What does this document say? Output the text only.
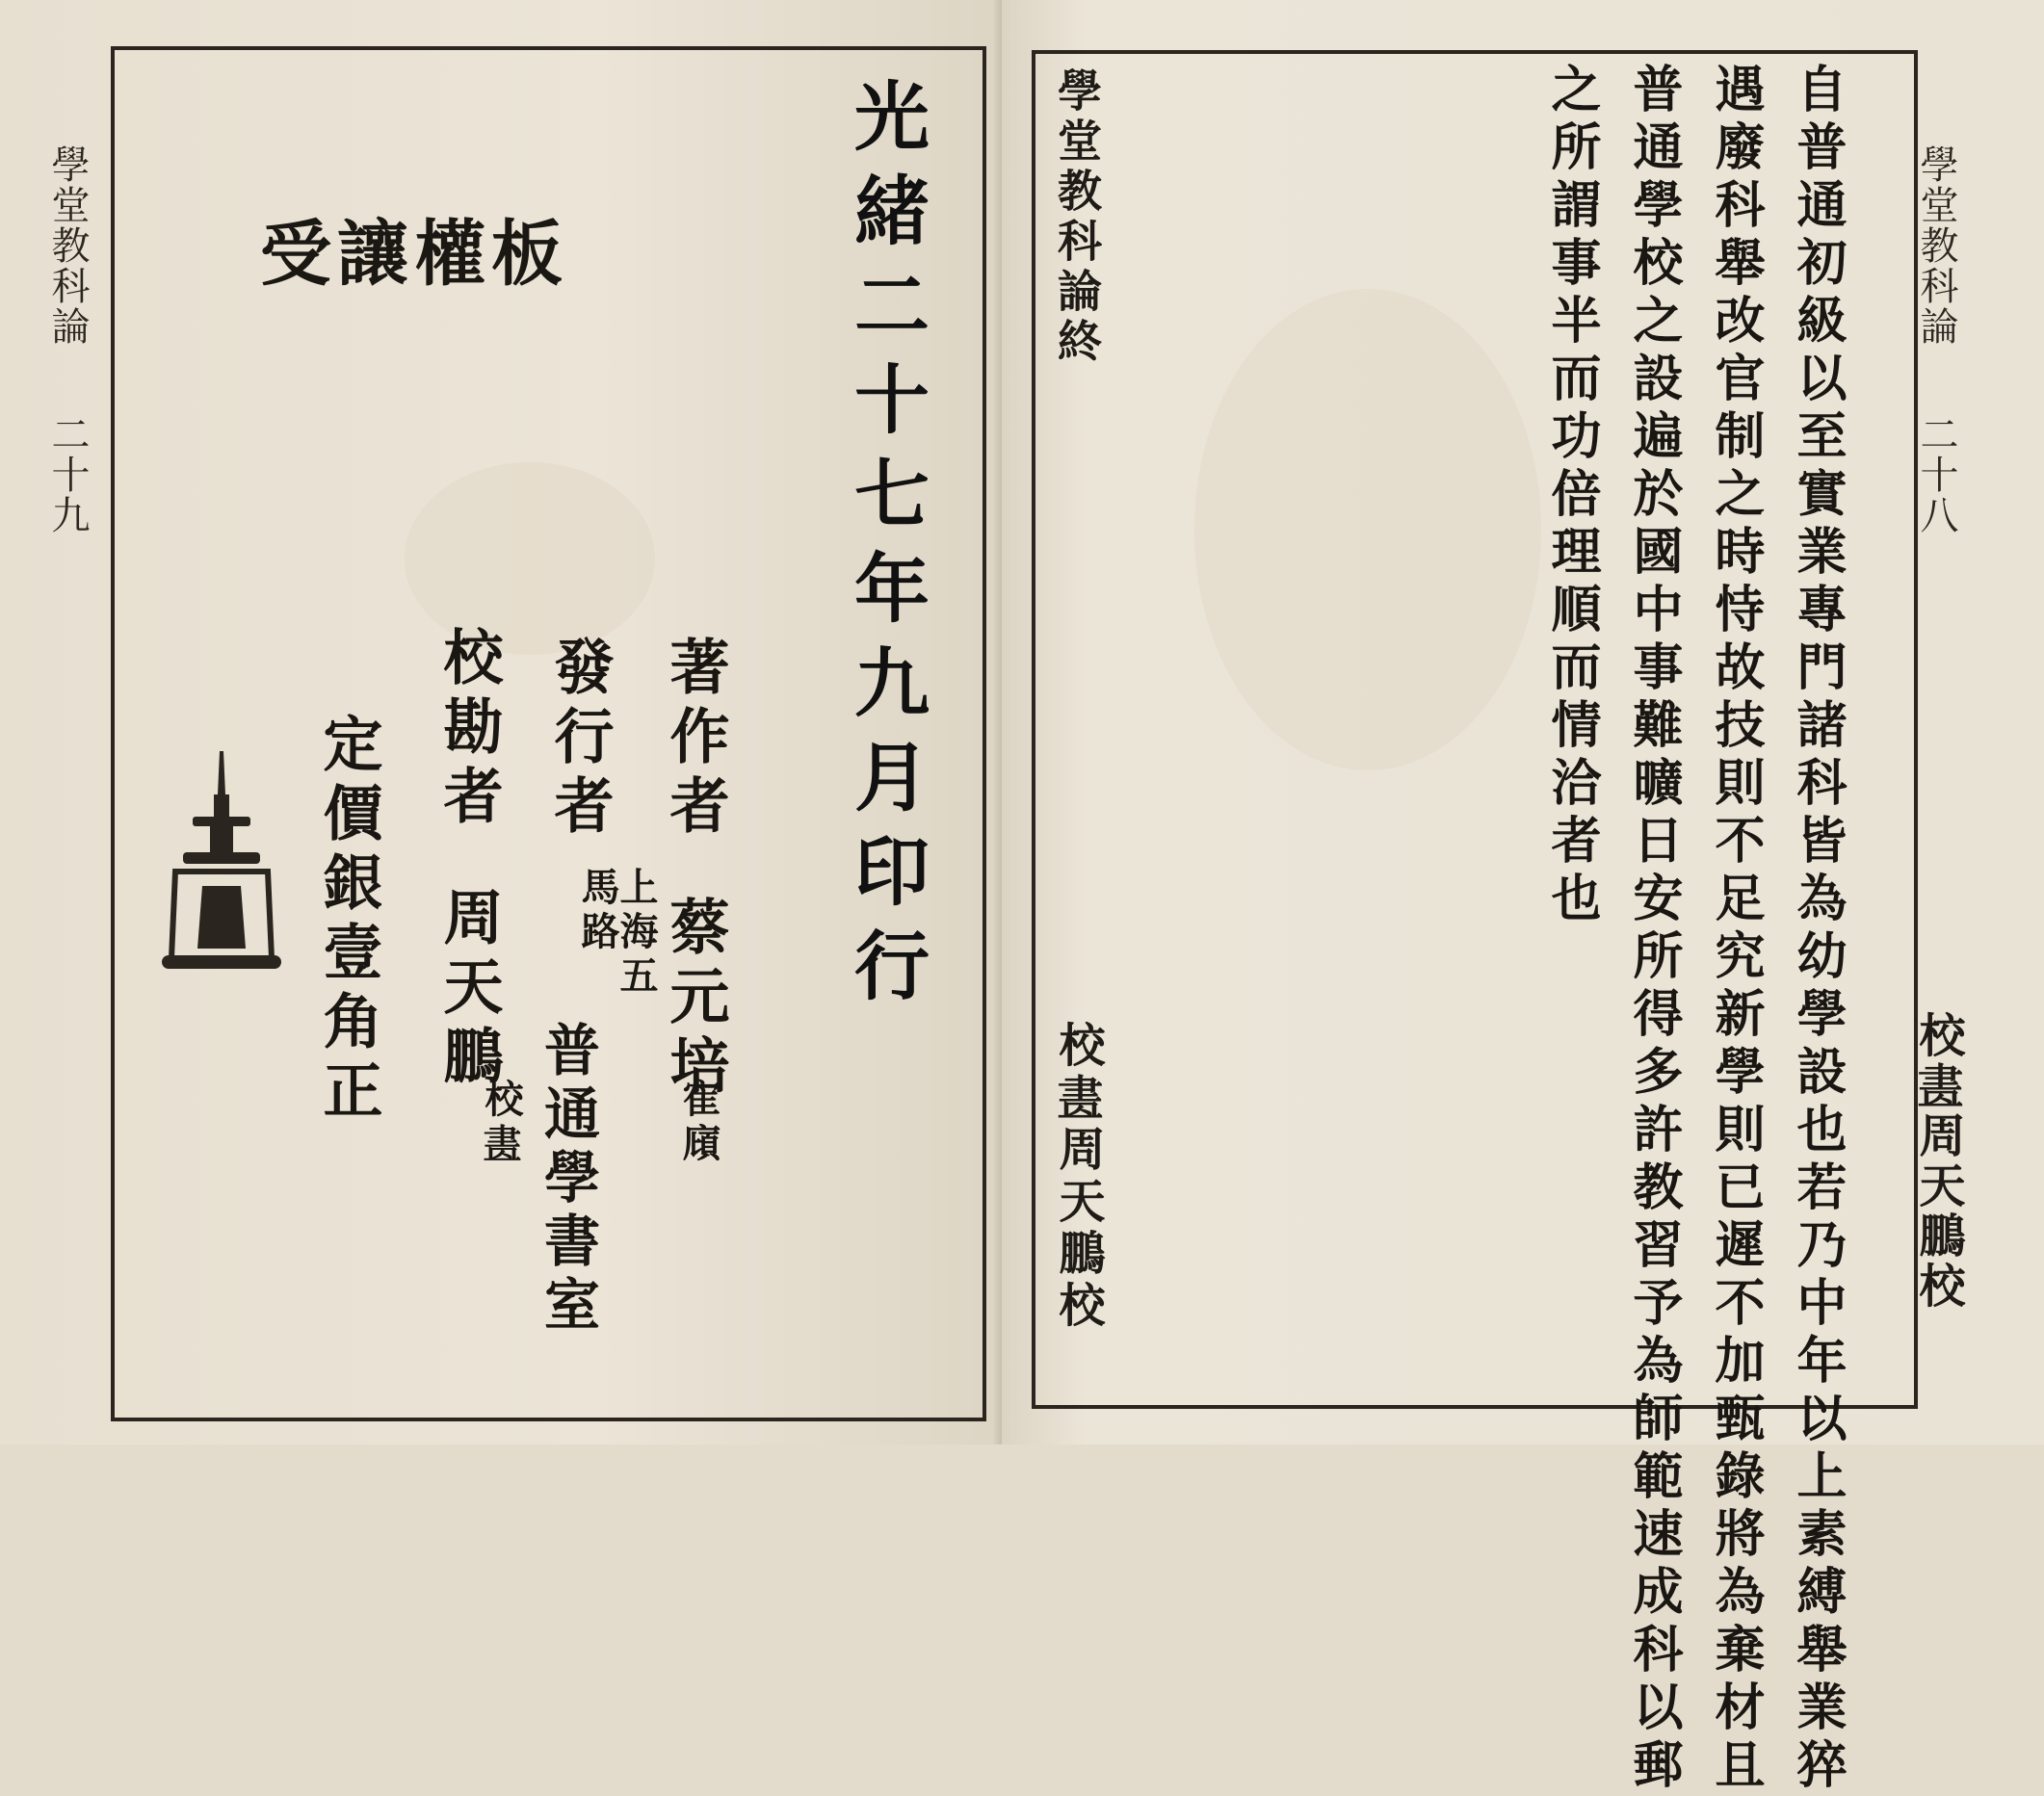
學堂教科論
二十九
板權讓受	光緒二十七年九月印行
著作者
蔡元培
寉廎
發行者
上海五馬路
普通學書室
校勘者
周天鵬
校𦘕
定價銀壹角正
學堂教科論
二十八
校𦘕周天鵬校
自普通初級以至實業專門諸科皆為幼學設也若乃中年以上素縛舉業猝
遇廢科舉改官制之時恃故技則不足究新學則已遲不加甄錄將為棄材且
普通學校之設遍於國中事難曠日安所得多許教習予為師範速成科以郵
之所謂事半而功倍理順而情洽者也
學堂教科論終
校𦘕周天鵬校
